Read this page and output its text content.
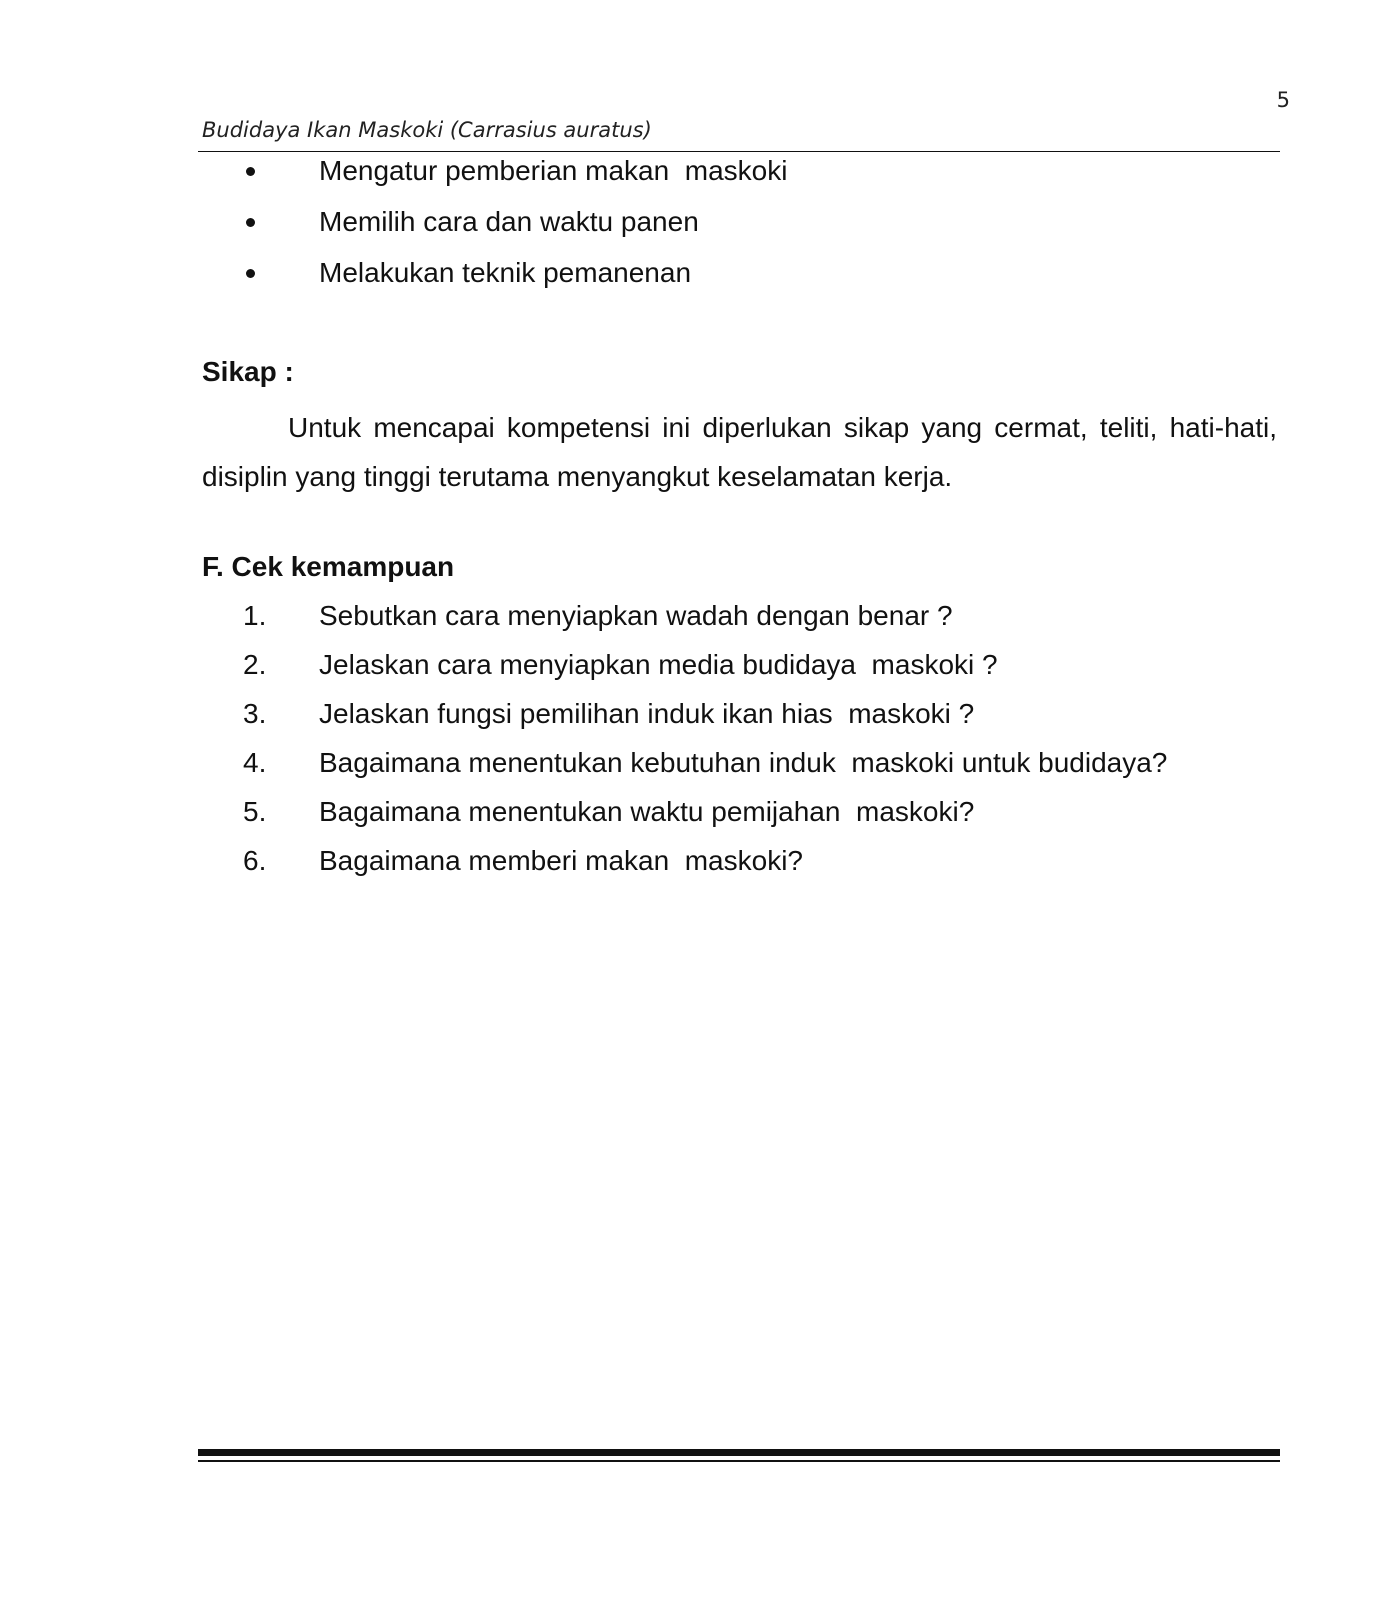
5
Budidaya Ikan Maskoki (Carrasius auratus)
Mengatur pemberian makan  maskoki
Memilih cara dan waktu panen
Melakukan teknik pemanenan
Sikap :

Untuk mencapai kompetensi ini diperlukan sikap yang cermat, teliti, hati-hati, disiplin yang tinggi terutama menyangkut keselamatan kerja.

F. Cek kemampuan
1. Sebutkan cara menyiapkan wadah dengan benar ?
2. Jelaskan cara menyiapkan media budidaya  maskoki ?
3. Jelaskan fungsi pemilihan induk ikan hias  maskoki ?
4. Bagaimana menentukan kebutuhan induk  maskoki untuk budidaya?
5. Bagaimana menentukan waktu pemijahan  maskoki?
6. Bagaimana memberi makan  maskoki?
